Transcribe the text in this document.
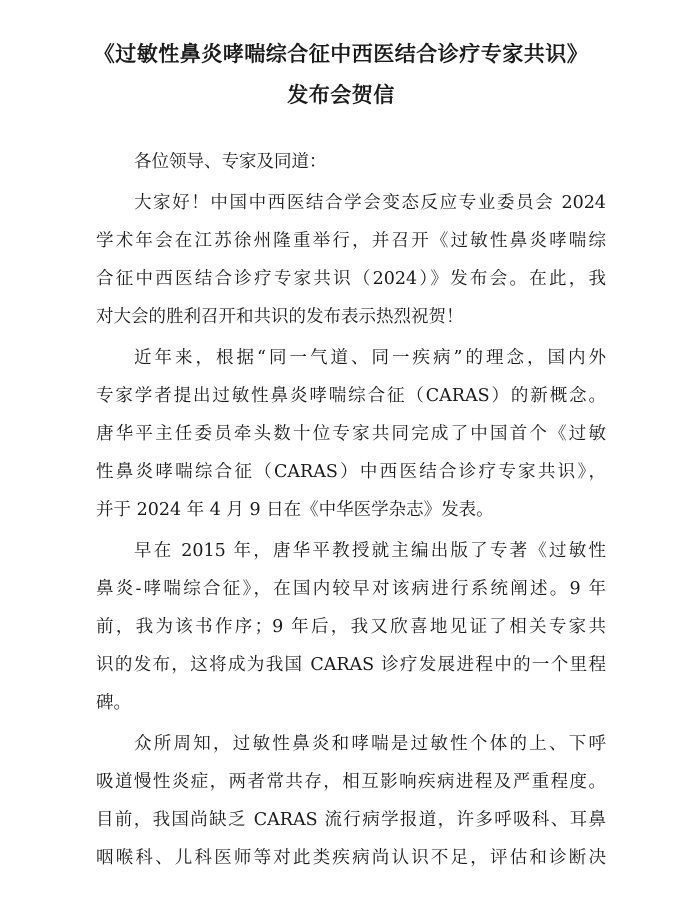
《过敏性鼻炎哮喘综合征中西医结合诊疗专家共识》
发布会贺信
各位领导、专家及同道：
大家好！中国中西医结合学会变态反应专业委员会 2024
学术年会在江苏徐州隆重举行，并召开《过敏性鼻炎哮喘综
合征中西医结合诊疗专家共识（2024）》发布会。在此，我
对大会的胜利召开和共识的发布表示热烈祝贺！
近年来，根据“同一气道、同一疾病”的理念，国内外
专家学者提出过敏性鼻炎哮喘综合征（CARAS）的新概念。
唐华平主任委员牵头数十位专家共同完成了中国首个《过敏
性鼻炎哮喘综合征（CARAS）中西医结合诊疗专家共识》，
并于 2024 年 4 月 9 日在《中华医学杂志》发表。
早在 2015 年，唐华平教授就主编出版了专著《过敏性
鼻炎-哮喘综合征》，在国内较早对该病进行系统阐述。9 年
前，我为该书作序；9 年后，我又欣喜地见证了相关专家共
识的发布，这将成为我国 CARAS 诊疗发展进程中的一个里程
碑。
众所周知，过敏性鼻炎和哮喘是过敏性个体的上、下呼
吸道慢性炎症，两者常共存，相互影响疾病进程及严重程度。
目前，我国尚缺乏 CARAS 流行病学报道，许多呼吸科、耳鼻
咽喉科、儿科医师等对此类疾病尚认识不足，评估和诊断决
